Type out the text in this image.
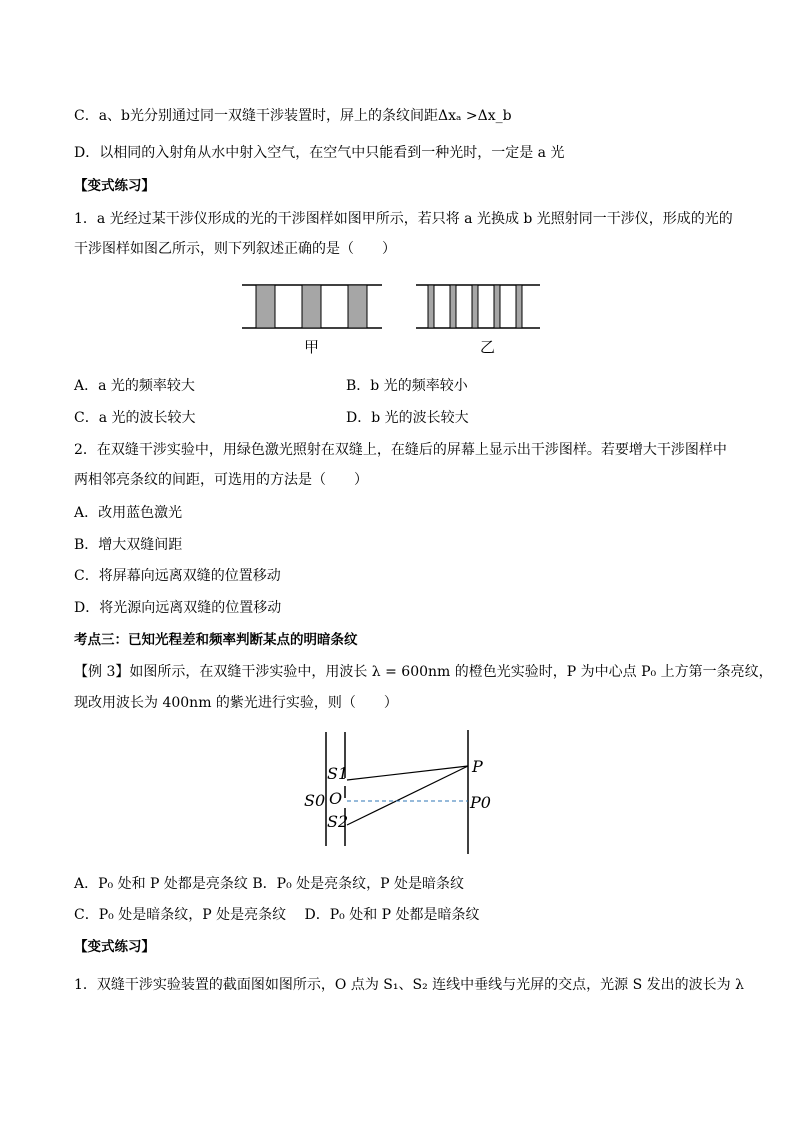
C．a、b光分别通过同一双缝干涉装置时，屏上的条纹间距Δxₐ >Δx_b
D．以相同的入射角从水中射入空气，在空气中只能看到一种光时，一定是 a 光
【变式练习】
1．a 光经过某干涉仪形成的光的干涉图样如图甲所示，若只将 a 光换成 b 光照射同一干涉仪，形成的光的
干涉图样如图乙所示，则下列叙述正确的是（　　）
甲	乙
A．a 光的频率较大	B．b 光的频率较小
C．a 光的波长较大	D．b 光的波长较大
2．在双缝干涉实验中，用绿色激光照射在双缝上，在缝后的屏幕上显示出干涉图样。若要增大干涉图样中
两相邻亮条纹的间距，可选用的方法是（　　）
A．改用蓝色激光
B．增大双缝间距
C．将屏幕向远离双缝的位置移动
D．将光源向远离双缝的位置移动
考点三：已知光程差和频率判断某点的明暗条纹
【例 3】如图所示，在双缝干涉实验中，用波长 λ = 600nm 的橙色光实验时，P 为中心点 P₀ 上方第一条亮纹，
现改用波长为 400nm 的紫光进行实验，则（　　）
S1
S0 O
S2
P
P0
A．P₀ 处和 P 处都是亮条纹 B．P₀ 处是亮条纹，P 处是暗条纹
C．P₀ 处是暗条纹，P 处是亮条纹　 D．P₀ 处和 P 处都是暗条纹
【变式练习】
1．双缝干涉实验装置的截面图如图所示，O 点为 S₁、S₂ 连线中垂线与光屏的交点，光源 S 发出的波长为 λ
